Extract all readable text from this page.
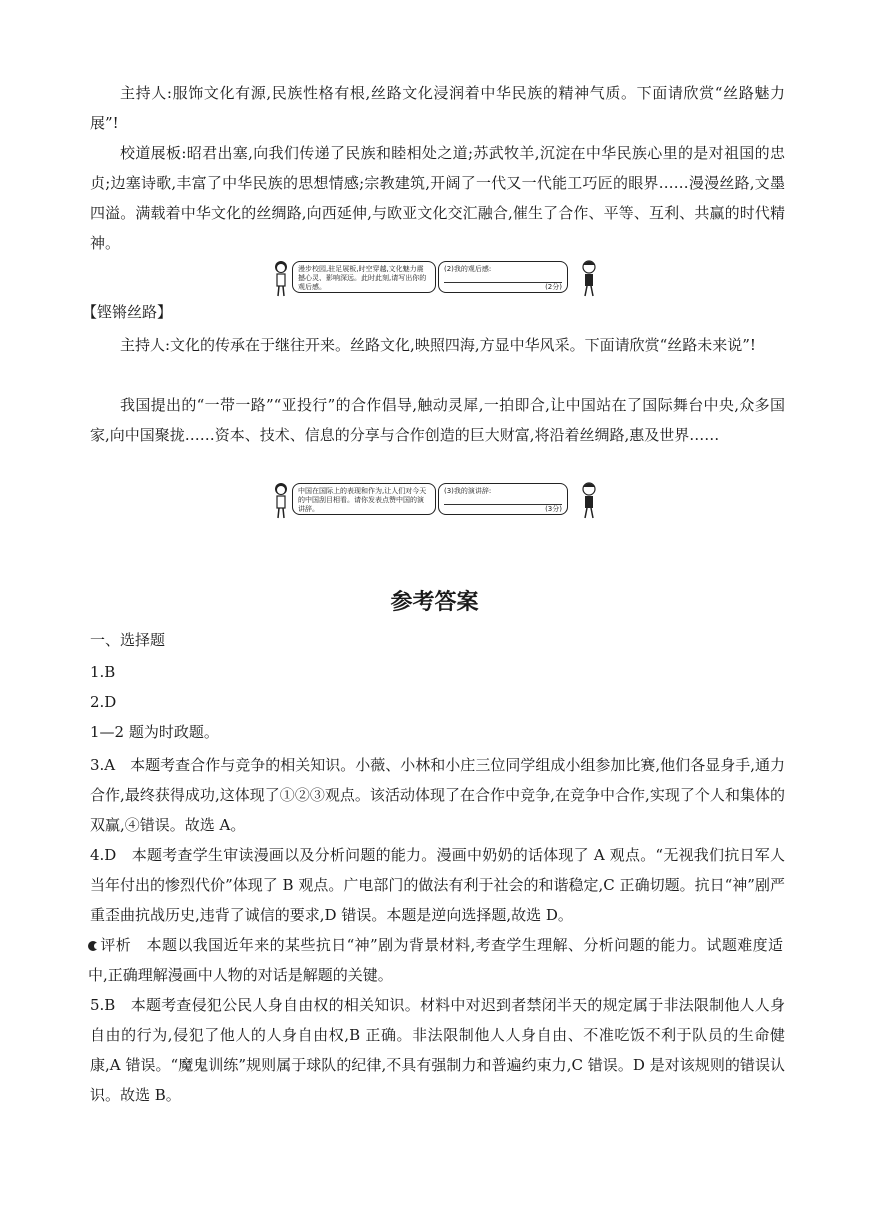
主持人:服饰文化有源,民族性格有根,丝路文化浸润着中华民族的精神气质。下面请欣赏“丝路魅力展”!

校道展板:昭君出塞,向我们传递了民族和睦相处之道;苏武牧羊,沉淀在中华民族心里的是对祖国的忠贞;边塞诗歌,丰富了中华民族的思想情感;宗教建筑,开阔了一代又一代能工巧匠的眼界……漫漫丝路,文墨四溢。满载着中华文化的丝绸路,向西延伸,与欧亚文化交汇融合,催生了合作、平等、互利、共赢的时代精神。

漫步校园,驻足展板,时空穿越,文化魅力震撼心灵、影响深远。此时此刻,请写出你的观后感。
(2)我的观后感:
(2分)

【铿锵丝路】

主持人:文化的传承在于继往开来。丝路文化,映照四海,方显中华风采。下面请欣赏“丝路未来说”!

我国提出的“一带一路”“亚投行”的合作倡导,触动灵犀,一拍即合,让中国站在了国际舞台中央,众多国家,向中国聚拢……资本、技术、信息的分享与合作创造的巨大财富,将沿着丝绸路,惠及世界……

中国在国际上的表现和作为,让人们对今天的中国刮目相看。请你发表点赞中国的演讲辞。
(3)我的演讲辞:
(3分)
参考答案

一、选择题

1.B

2.D

1—2 题为时政题。

3.A　本题考查合作与竞争的相关知识。小薇、小林和小庄三位同学组成小组参加比赛,他们各显身手,通力合作,最终获得成功,这体现了①②③观点。该活动体现了在合作中竞争,在竞争中合作,实现了个人和集体的双赢,④错误。故选 A。

4.D　本题考查学生审读漫画以及分析问题的能力。漫画中奶奶的话体现了 A 观点。“无视我们抗日军人当年付出的惨烈代价”体现了 B 观点。广电部门的做法有利于社会的和谐稳定,C 正确切题。抗日“神”剧严重歪曲抗战历史,违背了诚信的要求,D 错误。本题是逆向选择题,故选 D。

评析　本题以我国近年来的某些抗日“神”剧为背景材料,考查学生理解、分析问题的能力。试题难度适中,正确理解漫画中人物的对话是解题的关键。

5.B　本题考查侵犯公民人身自由权的相关知识。材料中对迟到者禁闭半天的规定属于非法限制他人人身自由的行为,侵犯了他人的人身自由权,B 正确。非法限制他人人身自由、不准吃饭不利于队员的生命健康,A 错误。“魔鬼训练”规则属于球队的纪律,不具有强制力和普遍约束力,C 错误。D 是对该规则的错误认识。故选 B。
